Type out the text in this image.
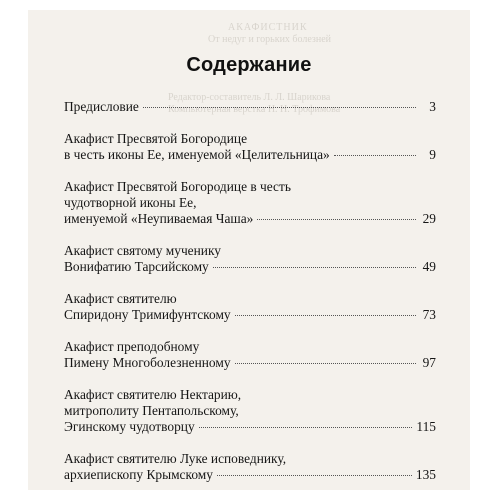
АКАФИСТНИК
От недуг и горьких болезней
Редактор-составитель Л. Л. Шарикова
Компьютерная верстка Н. Н. Трофимова
Содержание
Предисловие	3
Акафист Пресвятой Богородице
в честь иконы Ее, именуемой «Целительница»	9
Акафист Пресвятой Богородице в честь
чудотворной иконы Ее,
именуемой «Неупиваемая Чаша»	29
Акафист святому мученику
Вонифатию Тарсийскому	49
Акафист святителю
Спиридону Тримифунтскому	73
Акафист преподобному
Пимену Многоболезненному	97
Акафист святителю Нектарию,
митрополиту Пентапольскому,
Эгинскому чудотворцу	115
Акафист святителю Луке исповеднику,
архиепископу Крымскому	135
